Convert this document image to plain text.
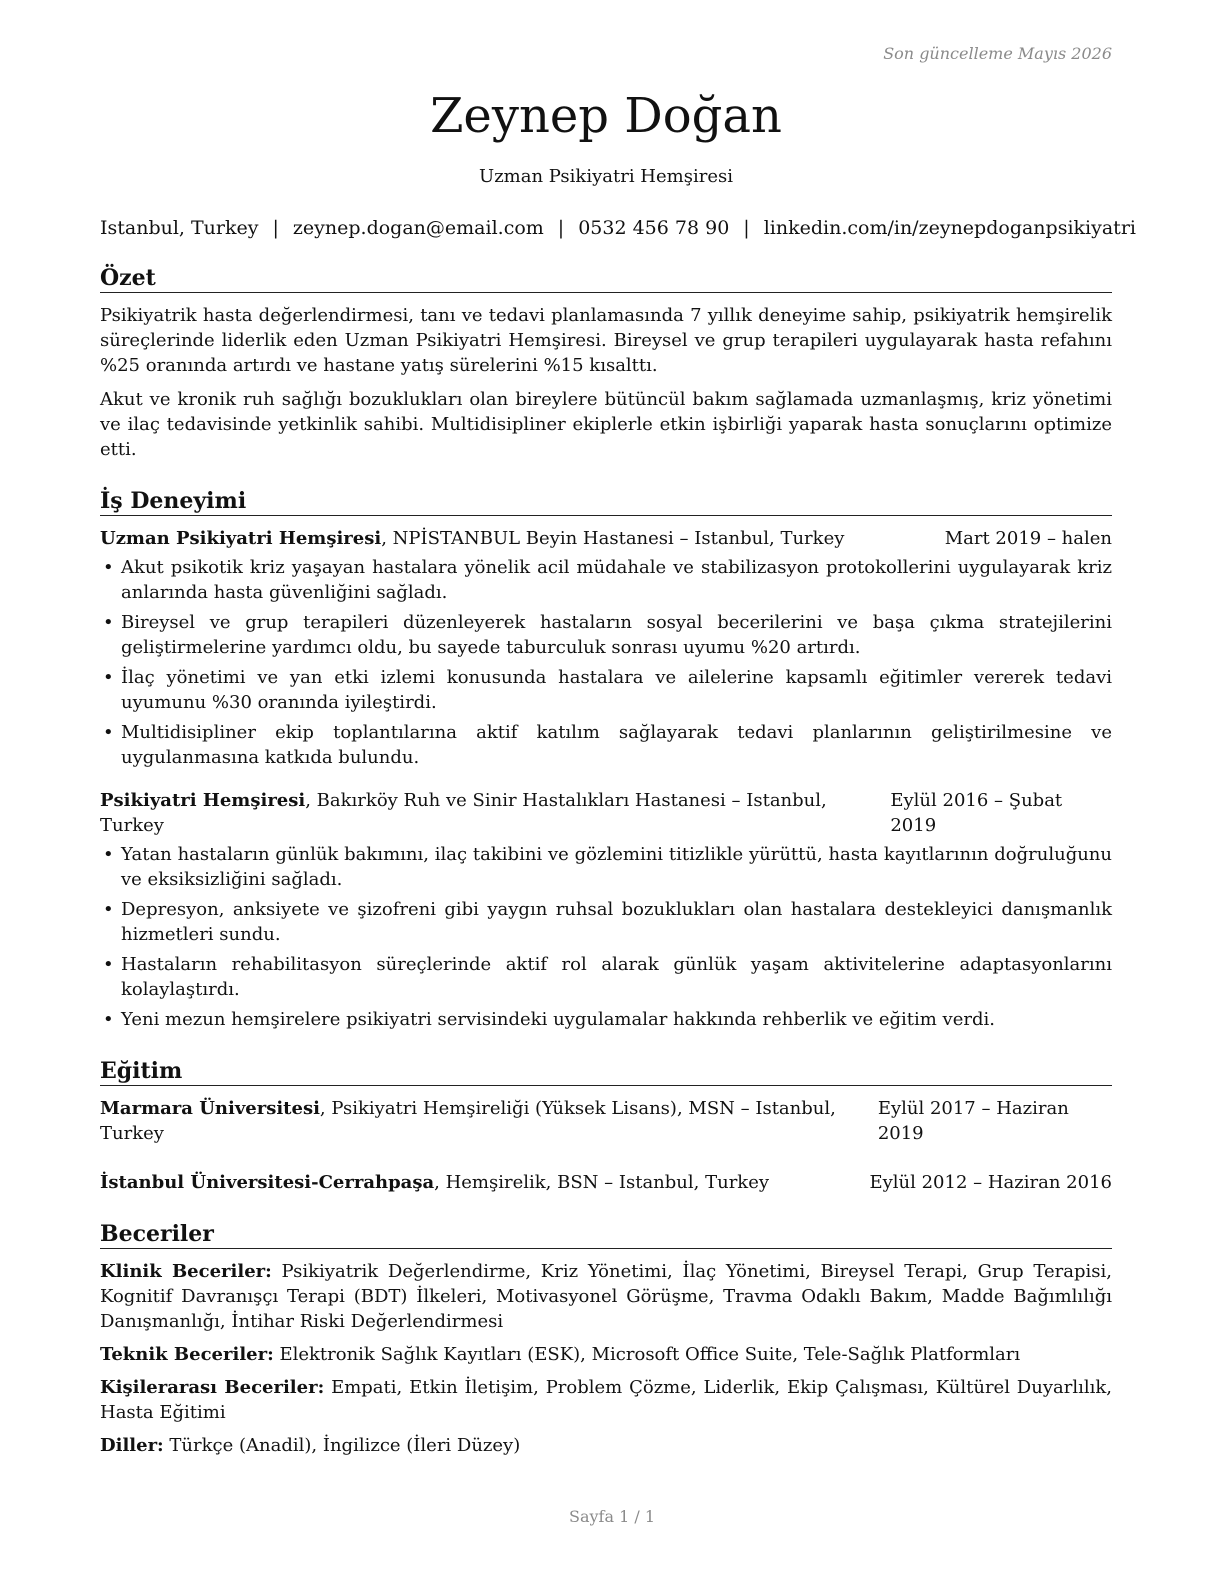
Son güncelleme Mayıs 2026
Zeynep Doğan
Uzman Psikiyatri Hemşiresi
Istanbul, Turkey | zeynep.dogan@email.com | 0532 456 78 90 | linkedin.com/in/zeynepdoganpsikiyatri
Özet

Psikiyatrik hasta değerlendirmesi, tanı ve tedavi planlamasında 7 yıllık deneyime sahip, psikiyatrik hemşirelik süreçlerinde liderlik eden Uzman Psikiyatri Hemşiresi. Bireysel ve grup terapileri uygulayarak hasta refahını %25 oranında artırdı ve hastane yatış sürelerini %15 kısalttı.

Akut ve kronik ruh sağlığı bozuklukları olan bireylere bütüncül bakım sağlamada uzmanlaşmış, kriz yönetimi ve ilaç tedavisinde yetkinlik sahibi. Multidisipliner ekiplerle etkin işbirliği yaparak hasta sonuçlarını optimize etti.

İş Deneyimi
Uzman Psikiyatri Hemşiresi, NPİSTANBUL Beyin Hastanesi – Istanbul, Turkey	Mart 2019 – halen
• Akut psikotik kriz yaşayan hastalara yönelik acil müdahale ve stabilizasyon protokollerini uygulayarak kriz anlarında hasta güvenliğini sağladı.
• Bireysel ve grup terapileri düzenleyerek hastaların sosyal becerilerini ve başa çıkma stratejilerini geliştirmelerine yardımcı oldu, bu sayede taburculuk sonrası uyumu %20 artırdı.
• İlaç yönetimi ve yan etki izlemi konusunda hastalara ve ailelerine kapsamlı eğitimler vererek tedavi uyumunu %30 oranında iyileştirdi.
• Multidisipliner ekip toplantılarına aktif katılım sağlayarak tedavi planlarının geliştirilmesine ve uygulanmasına katkıda bulundu.
Psikiyatri Hemşiresi, Bakırköy Ruh ve Sinir Hastalıkları Hastanesi – Istanbul, Turkey
Eylül 2016 – Şubat 2019
• Yatan hastaların günlük bakımını, ilaç takibini ve gözlemini titizlikle yürüttü, hasta kayıtlarının doğruluğunu ve eksiksizliğini sağladı.
• Depresyon, anksiyete ve şizofreni gibi yaygın ruhsal bozuklukları olan hastalara destekleyici danışmanlık hizmetleri sundu.
• Hastaların rehabilitasyon süreçlerinde aktif rol alarak günlük yaşam aktivitelerine adaptasyonlarını kolaylaştırdı.
• Yeni mezun hemşirelere psikiyatri servisindeki uygulamalar hakkında rehberlik ve eğitim verdi.
Eğitim
Marmara Üniversitesi, Psikiyatri Hemşireliği (Yüksek Lisans), MSN – Istanbul, Turkey
Eylül 2017 – Haziran 2019
İstanbul Üniversitesi-Cerrahpaşa, Hemşirelik, BSN – Istanbul, Turkey	Eylül 2012 – Haziran 2016
Beceriler
Klinik Beceriler: Psikiyatrik Değerlendirme, Kriz Yönetimi, İlaç Yönetimi, Bireysel Terapi, Grup Terapisi, Kognitif Davranışçı Terapi (BDT) İlkeleri, Motivasyonel Görüşme, Travma Odaklı Bakım, Madde Bağımlılığı Danışmanlığı, İntihar Riski Değerlendirmesi
Teknik Beceriler: Elektronik Sağlık Kayıtları (ESK), Microsoft Office Suite, Tele-Sağlık Platformları
Kişilerarası Beceriler: Empati, Etkin İletişim, Problem Çözme, Liderlik, Ekip Çalışması, Kültürel Duyarlılık, Hasta Eğitimi
Diller: Türkçe (Anadil), İngilizce (İleri Düzey)
Sayfa 1 / 1
